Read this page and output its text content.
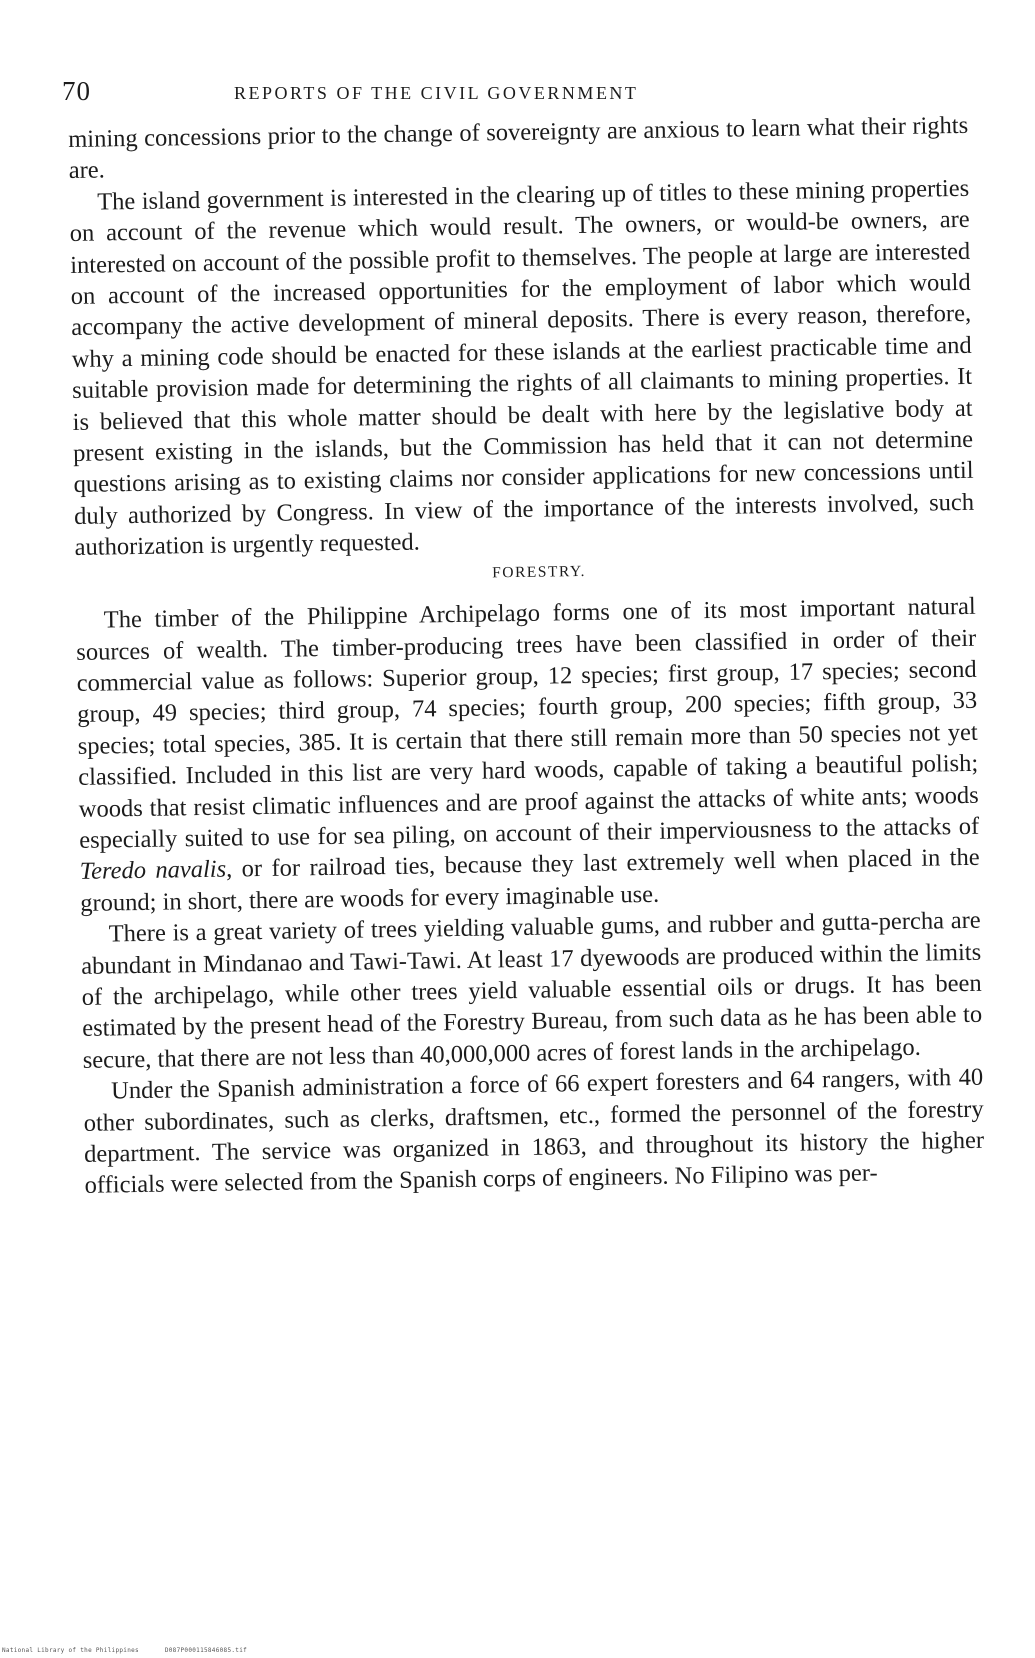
70	REPORTS OF THE CIVIL GOVERNMENT

mining concessions prior to the change of sovereignty are anxious to learn what their rights are.

The island government is interested in the clearing up of titles to these mining properties on account of the revenue which would result. The owners, or would-be owners, are interested on account of the possible profit to themselves. The people at large are interested on account of the increased opportunities for the employment of labor which would accompany the active development of mineral deposits. There is every reason, therefore, why a mining code should be enacted for these islands at the earliest practicable time and suitable provision made for determining the rights of all claimants to mining properties. It is believed that this whole matter should be dealt with here by the legislative body at present existing in the islands, but the Commission has held that it can not determine questions arising as to existing claims nor consider applications for new concessions until duly authorized by Congress. In view of the importance of the interests involved, such authorization is urgently requested.

FORESTRY.

The timber of the Philippine Archipelago forms one of its most important natural sources of wealth. The timber-producing trees have been classified in order of their commercial value as follows: Superior group, 12 species; first group, 17 species; second group, 49 species; third group, 74 species; fourth group, 200 species; fifth group, 33 species; total species, 385. It is certain that there still remain more than 50 species not yet classified. Included in this list are very hard woods, capable of taking a beautiful polish; woods that resist climatic influences and are proof against the attacks of white ants; woods especially suited to use for sea piling, on account of their imperviousness to the attacks of Teredo navalis, or for railroad ties, because they last extremely well when placed in the ground; in short, there are woods for every imaginable use.

There is a great variety of trees yielding valuable gums, and rubber and gutta-percha are abundant in Mindanao and Tawi-Tawi. At least 17 dyewoods are produced within the limits of the archipelago, while other trees yield valuable essential oils or drugs. It has been estimated by the present head of the Forestry Bureau, from such data as he has been able to secure, that there are not less than 40,000,000 acres of forest lands in the archipelago.

Under the Spanish administration a force of 66 expert foresters and 64 rangers, with 40 other subordinates, such as clerks, draftsmen, etc., formed the personnel of the forestry department. The service was organized in 1863, and throughout its history the higher officials were selected from the Spanish corps of engineers. No Filipino was per-

National Library of the Philippines	D087P000115846085.tif
